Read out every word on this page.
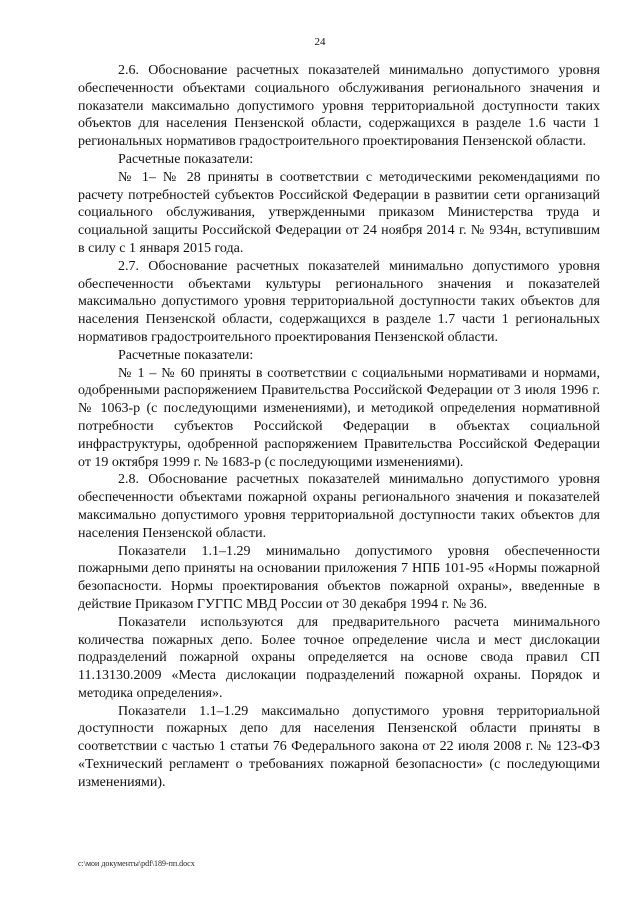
24

2.6. Обоснование расчетных показателей минимально допустимого уровня обеспеченности объектами социального обслуживания регионального значения и показатели максимально допустимого уровня территориальной доступности таких объектов для населения Пензенской области, содержащихся в разделе 1.6 части 1 региональных нормативов градостроительного проектирования Пензенской области.

Расчетные показатели:

№ 1– № 28 приняты в соответствии с методическими рекомендациями по расчету потребностей субъектов Российской Федерации в развитии сети организаций социального обслуживания, утвержденными приказом Министерства труда и социальной защиты Российской Федерации от 24 ноября 2014 г. № 934н, вступившим в силу с 1 января 2015 года.

2.7. Обоснование расчетных показателей минимально допустимого уровня обеспеченности объектами культуры регионального значения и показателей максимально допустимого уровня территориальной доступности таких объектов для населения Пензенской области, содержащихся в разделе 1.7 части 1 региональных нормативов градостроительного проектирования Пензенской области.

Расчетные показатели:

№ 1 – № 60 приняты в соответствии с социальными нормативами и нормами, одобренными распоряжением Правительства Российской Федерации от 3 июля 1996 г. № 1063-р (с последующими изменениями), и методикой определения нормативной потребности субъектов Российской Федерации в объектах социальной инфраструктуры, одобренной распоряжением Правительства Российской Федерации от 19 октября 1999 г. № 1683-р (с последующими изменениями).

2.8. Обоснование расчетных показателей минимально допустимого уровня обеспеченности объектами пожарной охраны регионального значения и показателей максимально допустимого уровня территориальной доступности таких объектов для населения Пензенской области.

Показатели 1.1–1.29 минимально допустимого уровня обеспеченности пожарными депо приняты на основании приложения 7 НПБ 101-95 «Нормы пожарной безопасности. Нормы проектирования объектов пожарной охраны», введенные в действие Приказом ГУГПС МВД России от 30 декабря 1994 г. № 36.

Показатели используются для предварительного расчета минимального количества пожарных депо. Более точное определение числа и мест дислокации подразделений пожарной охраны определяется на основе свода правил СП 11.13130.2009 «Места дислокации подразделений пожарной охраны. Порядок и методика определения».

Показатели 1.1–1.29 максимально допустимого уровня территориальной доступности пожарных депо для населения Пензенской области приняты в соответствии с частью 1 статьи 76 Федерального закона от 22 июля 2008 г. № 123-ФЗ «Технический регламент о требованиях пожарной безопасности» (с последующими изменениями).

c:\мои документы\pdf\189-пп.docx
